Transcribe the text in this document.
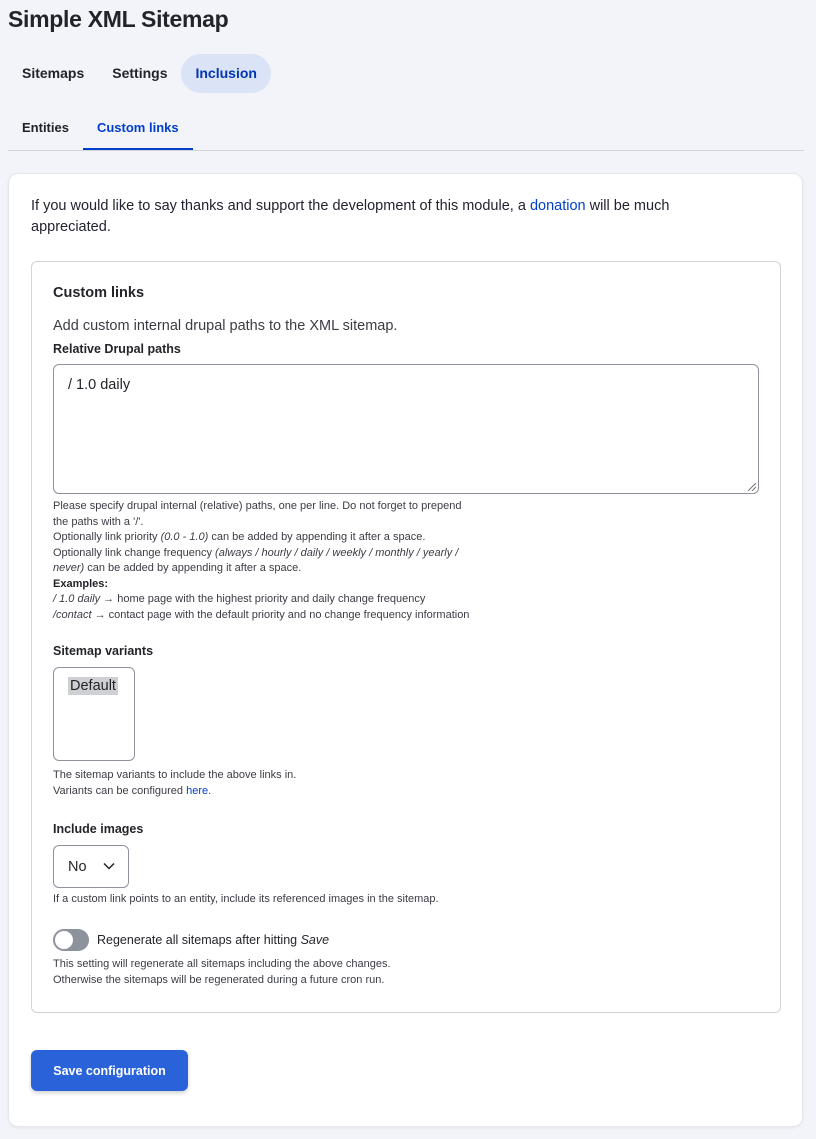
Simple XML Sitemap
Sitemaps	Settings	Inclusion
Entities	Custom links

If you would like to say thanks and support the development of this module, a donation will be much appreciated.

Custom links
Add custom internal drupal paths to the XML sitemap.
Relative Drupal paths
/ 1.0 daily
Please specify drupal internal (relative) paths, one per line. Do not forget to prepend
the paths with a '/'.
Optionally link priority (0.0 - 1.0) can be added by appending it after a space.
Optionally link change frequency (always / hourly / daily / weekly / monthly / yearly /
never) can be added by appending it after a space.
Examples:
/ 1.0 daily → home page with the highest priority and daily change frequency
/contact → contact page with the default priority and no change frequency information
Sitemap variants
Default
The sitemap variants to include the above links in.
Variants can be configured here.
Include images
No
If a custom link points to an entity, include its referenced images in the sitemap.
Regenerate all sitemaps after hitting Save
This setting will regenerate all sitemaps including the above changes.
Otherwise the sitemaps will be regenerated during a future cron run.
Save configuration
